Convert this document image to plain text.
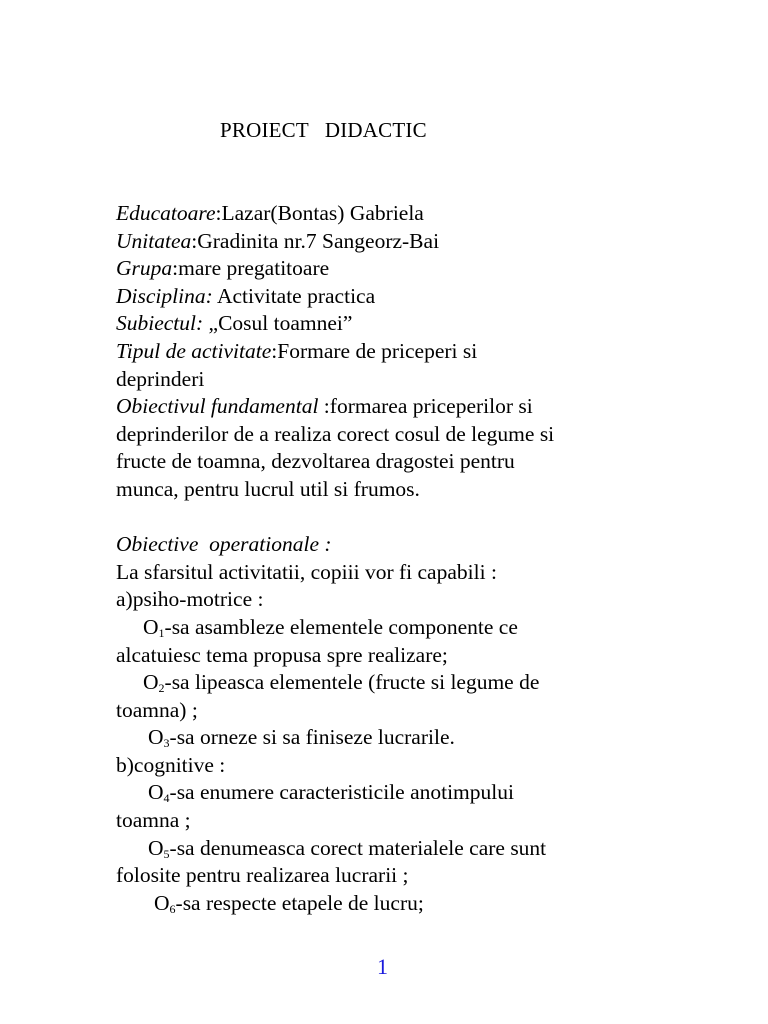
PROIECT   DIDACTIC
Educatoare:Lazar(Bontas) Gabriela
Unitatea:Gradinita nr.7 Sangeorz-Bai
Grupa:mare pregatitoare
Disciplina: Activitate practica
Subiectul: „Cosul toamnei”
Tipul de activitate:Formare de priceperi si
deprinderi
Obiectivul fundamental :formarea priceperilor si
deprinderilor de a realiza corect cosul de legume si
fructe de toamna, dezvoltarea dragostei pentru
munca, pentru lucrul util si frumos.
Obiective  operationale :
La sfarsitul activitatii, copiii vor fi capabili :
a)psiho-motrice :
$O_1-sa$ asambleze elementele componente ce
alcatuiesc tema propusa spre realizare;
$O_2-sa$ lipeasca elementele (fructe si legume de
toamna) ;
$O_3-sa$ orneze si sa finiseze lucrarile.
b)cognitive :
$O_4-sa$ enumere caracteristicile anotimpului
toamna ;
$O_5-sa$ denumeasca corect materialele care sunt
folosite pentru realizarea lucrarii ;
$O_6-sa$ respecte etapele de lucru;
1
